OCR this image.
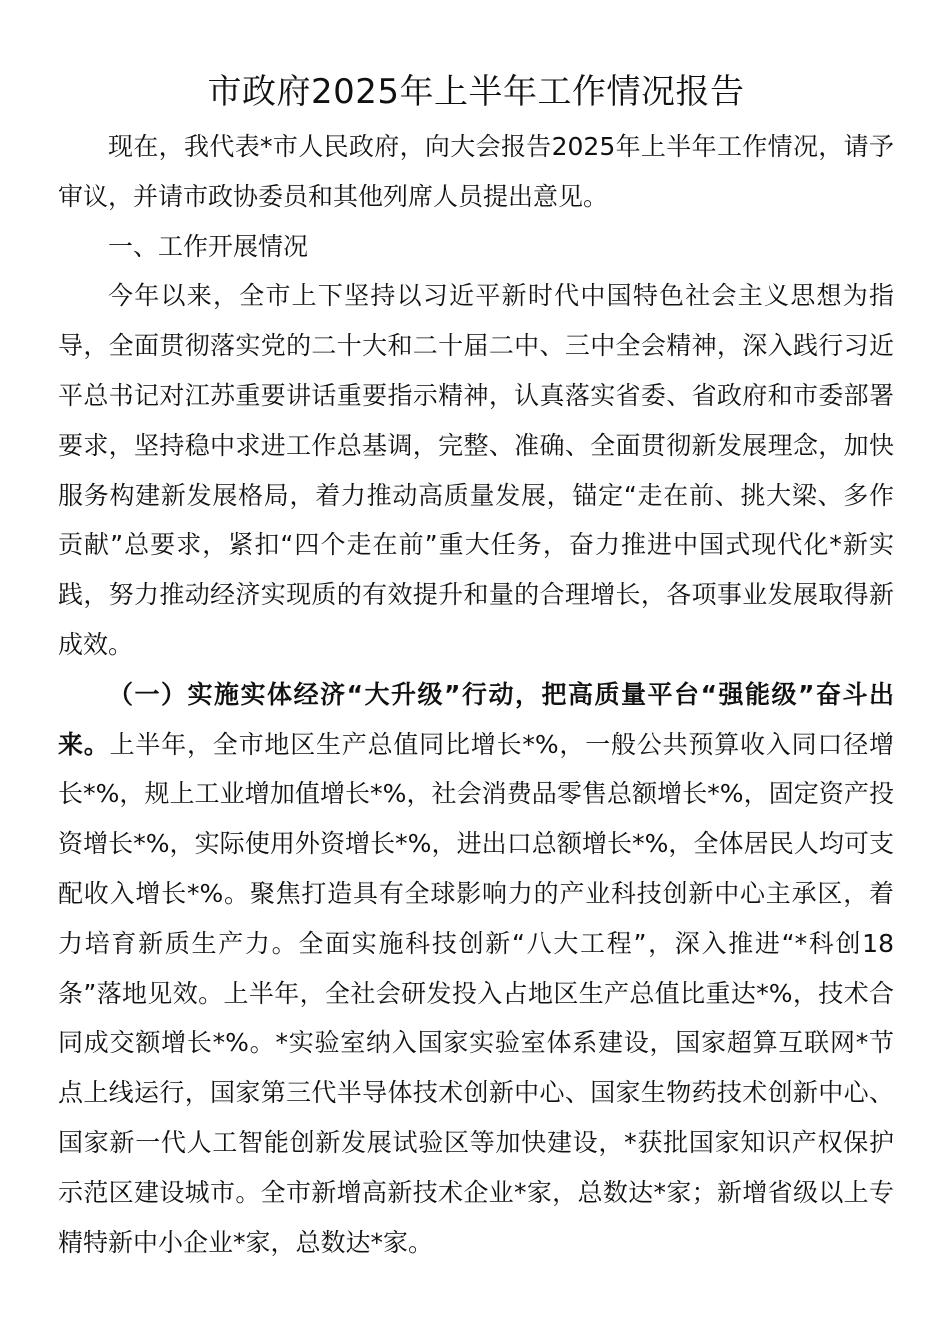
市政府2025年上半年工作情况报告

现在，我代表*市人民政府，向大会报告2025年上半年工作情况，请予审议，并请市政协委员和其他列席人员提出意见。

一、工作开展情况

今年以来，全市上下坚持以习近平新时代中国特色社会主义思想为指导，全面贯彻落实党的二十大和二十届二中、三中全会精神，深入践行习近平总书记对江苏重要讲话重要指示精神，认真落实省委、省政府和市委部署要求，坚持稳中求进工作总基调，完整、准确、全面贯彻新发展理念，加快服务构建新发展格局，着力推动高质量发展，锚定“走在前、挑大梁、多作贡献”总要求，紧扣“四个走在前”重大任务，奋力推进中国式现代化*新实践，努力推动经济实现质的有效提升和量的合理增长，各项事业发展取得新成效。

（一）实施实体经济“大升级”行动，把高质量平台“强能级”奋斗出来。上半年，全市地区生产总值同比增长*%，一般公共预算收入同口径增长*%，规上工业增加值增长*%，社会消费品零售总额增长*%，固定资产投资增长*%，实际使用外资增长*%，进出口总额增长*%，全体居民人均可支配收入增长*%。聚焦打造具有全球影响力的产业科技创新中心主承区，着力培育新质生产力。全面实施科技创新“八大工程”，深入推进“*科创18条”落地见效。上半年，全社会研发投入占地区生产总值比重达*%，技术合同成交额增长*%。*实验室纳入国家实验室体系建设，国家超算互联网*节点上线运行，国家第三代半导体技术创新中心、国家生物药技术创新中心、国家新一代人工智能创新发展试验区等加快建设，*获批国家知识产权保护示范区建设城市。全市新增高新技术企业*家，总数达*家；新增省级以上专精特新中小企业*家，总数达*家。
